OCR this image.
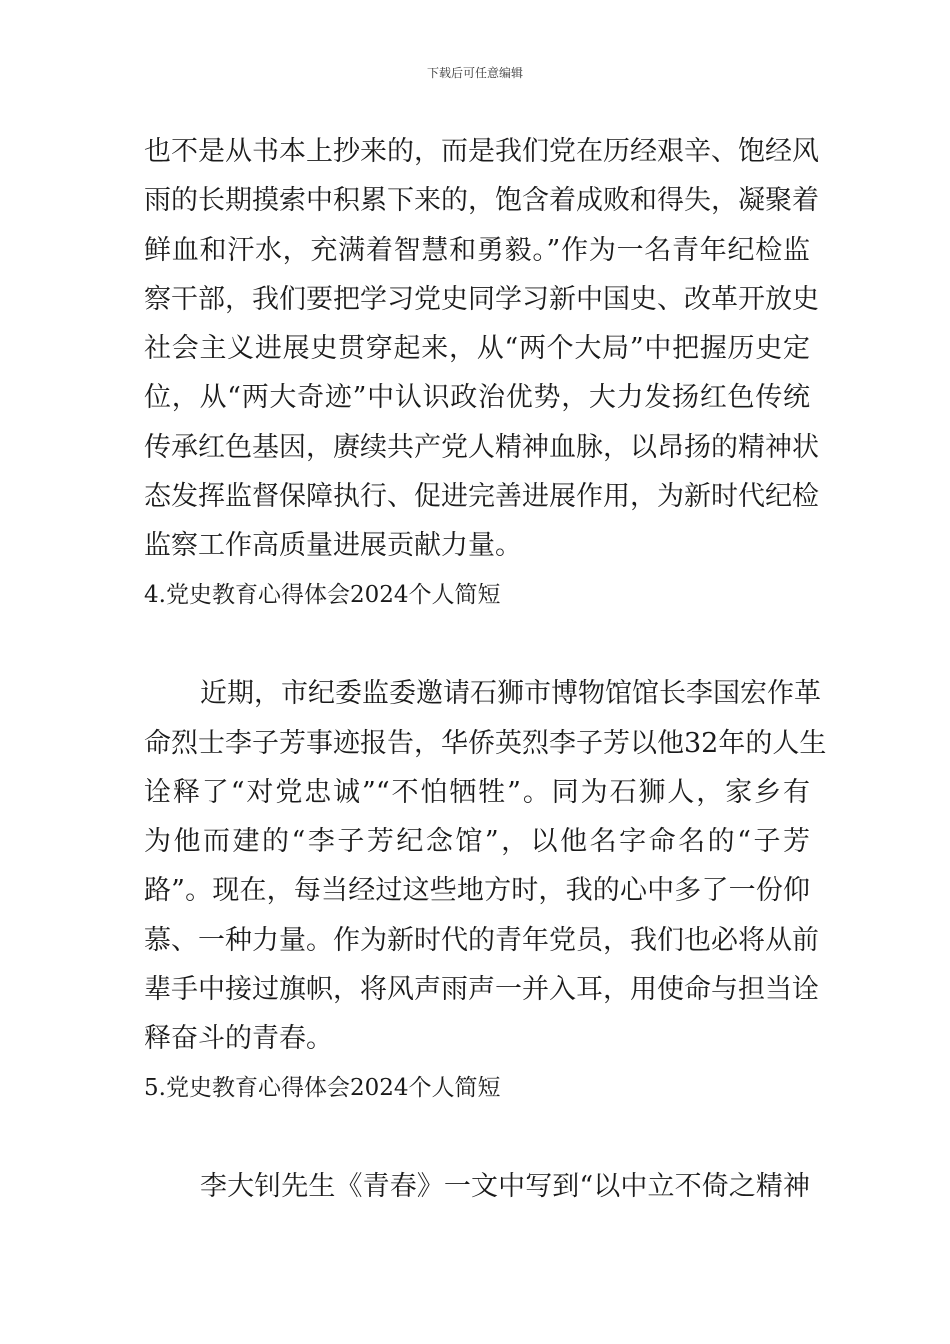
下载后可任意编辑
也不是从书本上抄来的，而是我们党在历经艰辛、饱经风
雨的长期摸索中积累下来的，饱含着成败和得失，凝聚着
鲜血和汗水，充满着智慧和勇毅。”作为一名青年纪检监
察干部，我们要把学习党史同学习新中国史、改革开放史
社会主义进展史贯穿起来，从“两个大局”中把握历史定
位，从“两大奇迹”中认识政治优势，大力发扬红色传统
传承红色基因，赓续共产党人精神血脉，以昂扬的精神状
态发挥监督保障执行、促进完善进展作用，为新时代纪检
监察工作高质量进展贡献力量。
4.党史教育心得体会2024个人简短
近期，市纪委监委邀请石狮市博物馆馆长李国宏作革
命烈士李子芳事迹报告，华侨英烈李子芳以他32年的人生
诠释了“对党忠诚”“不怕牺牲”。同为石狮人，家乡有
为他而建的“李子芳纪念馆”，以他名字命名的“子芳
路”。现在，每当经过这些地方时，我的心中多了一份仰
慕、一种力量。作为新时代的青年党员，我们也必将从前
辈手中接过旗帜，将风声雨声一并入耳，用使命与担当诠
释奋斗的青春。
5.党史教育心得体会2024个人简短
李大钊先生《青春》一文中写到“以中立不倚之精神
